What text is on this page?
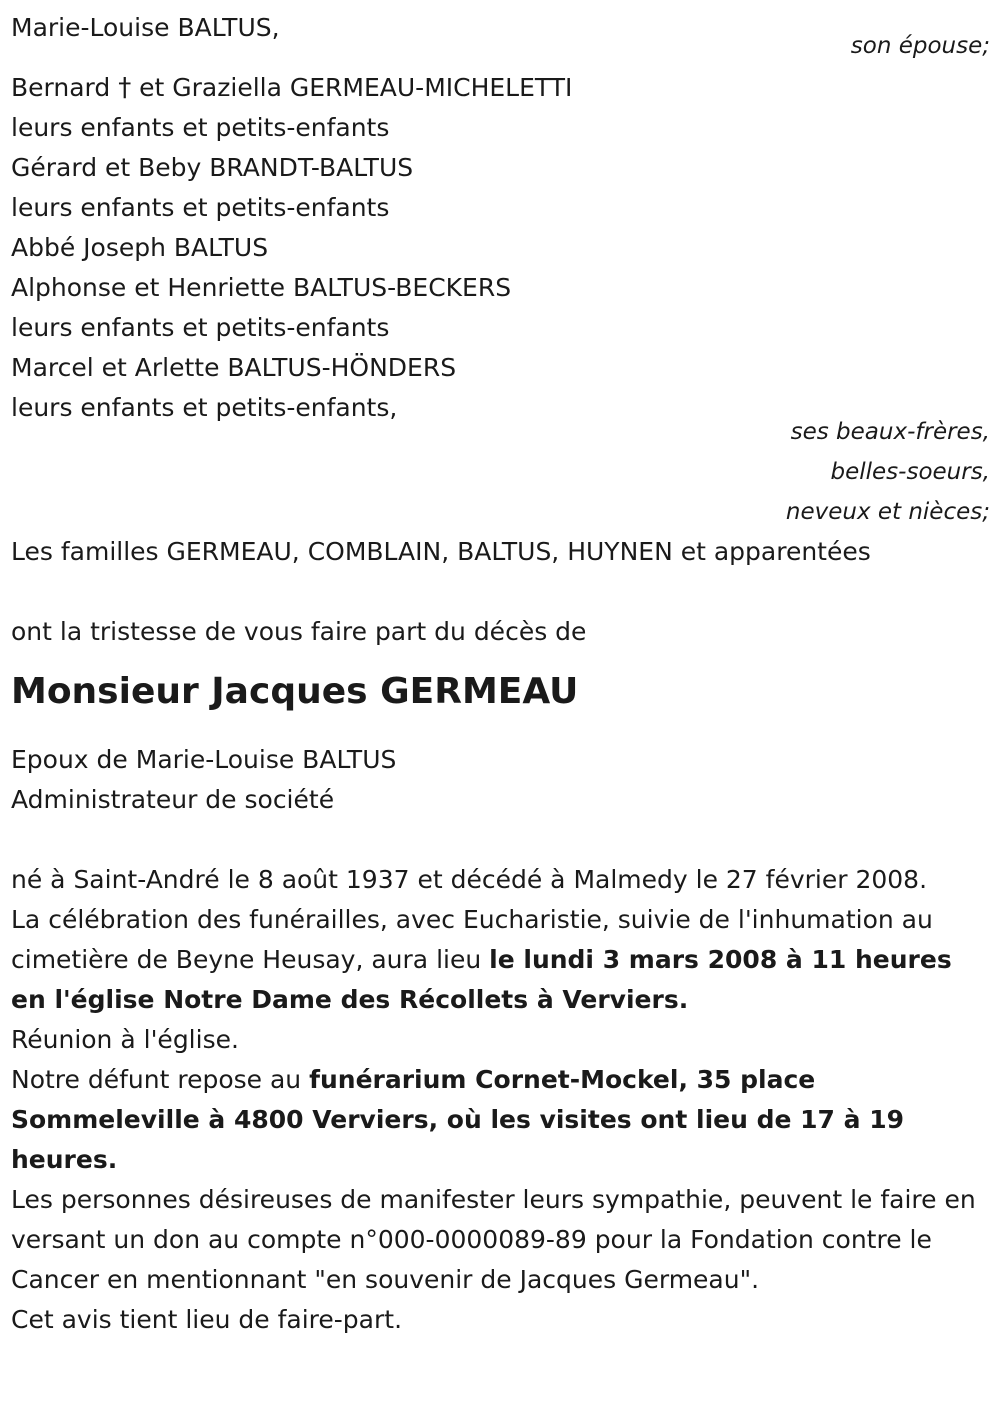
Marie-Louise BALTUS,
son épouse;
Bernard † et Graziella GERMEAU-MICHELETTI
leurs enfants et petits-enfants
Gérard et Beby BRANDT-BALTUS
leurs enfants et petits-enfants
Abbé Joseph BALTUS
Alphonse et Henriette BALTUS-BECKERS
leurs enfants et petits-enfants
Marcel et Arlette BALTUS-HÖNDERS
leurs enfants et petits-enfants,
ses beaux-frères,
belles-soeurs,
neveux et nièces;
Les familles GERMEAU, COMBLAIN, BALTUS, HUYNEN et apparentées
ont la tristesse de vous faire part du décès de
Monsieur Jacques GERMEAU
Epoux de Marie-Louise BALTUS
Administrateur de société
né à Saint-André le 8 août 1937 et décédé à Malmedy le 27 février 2008.

La célébration des funérailles, avec Eucharistie, suivie de l'inhumation au cimetière de Beyne Heusay, aura lieu le lundi 3 mars 2008 à 11 heures en l'église Notre Dame des Récollets à Verviers.

Réunion à l'église.

Notre défunt repose au funérarium Cornet-Mockel, 35 place Sommeleville à 4800 Verviers, où les visites ont lieu de 17 à 19 heures.

Les personnes désireuses de manifester leurs sympathie, peuvent le faire en versant un don au compte n°000-0000089-89 pour la Fondation contre le Cancer en mentionnant "en souvenir de Jacques Germeau".

Cet avis tient lieu de faire-part.
